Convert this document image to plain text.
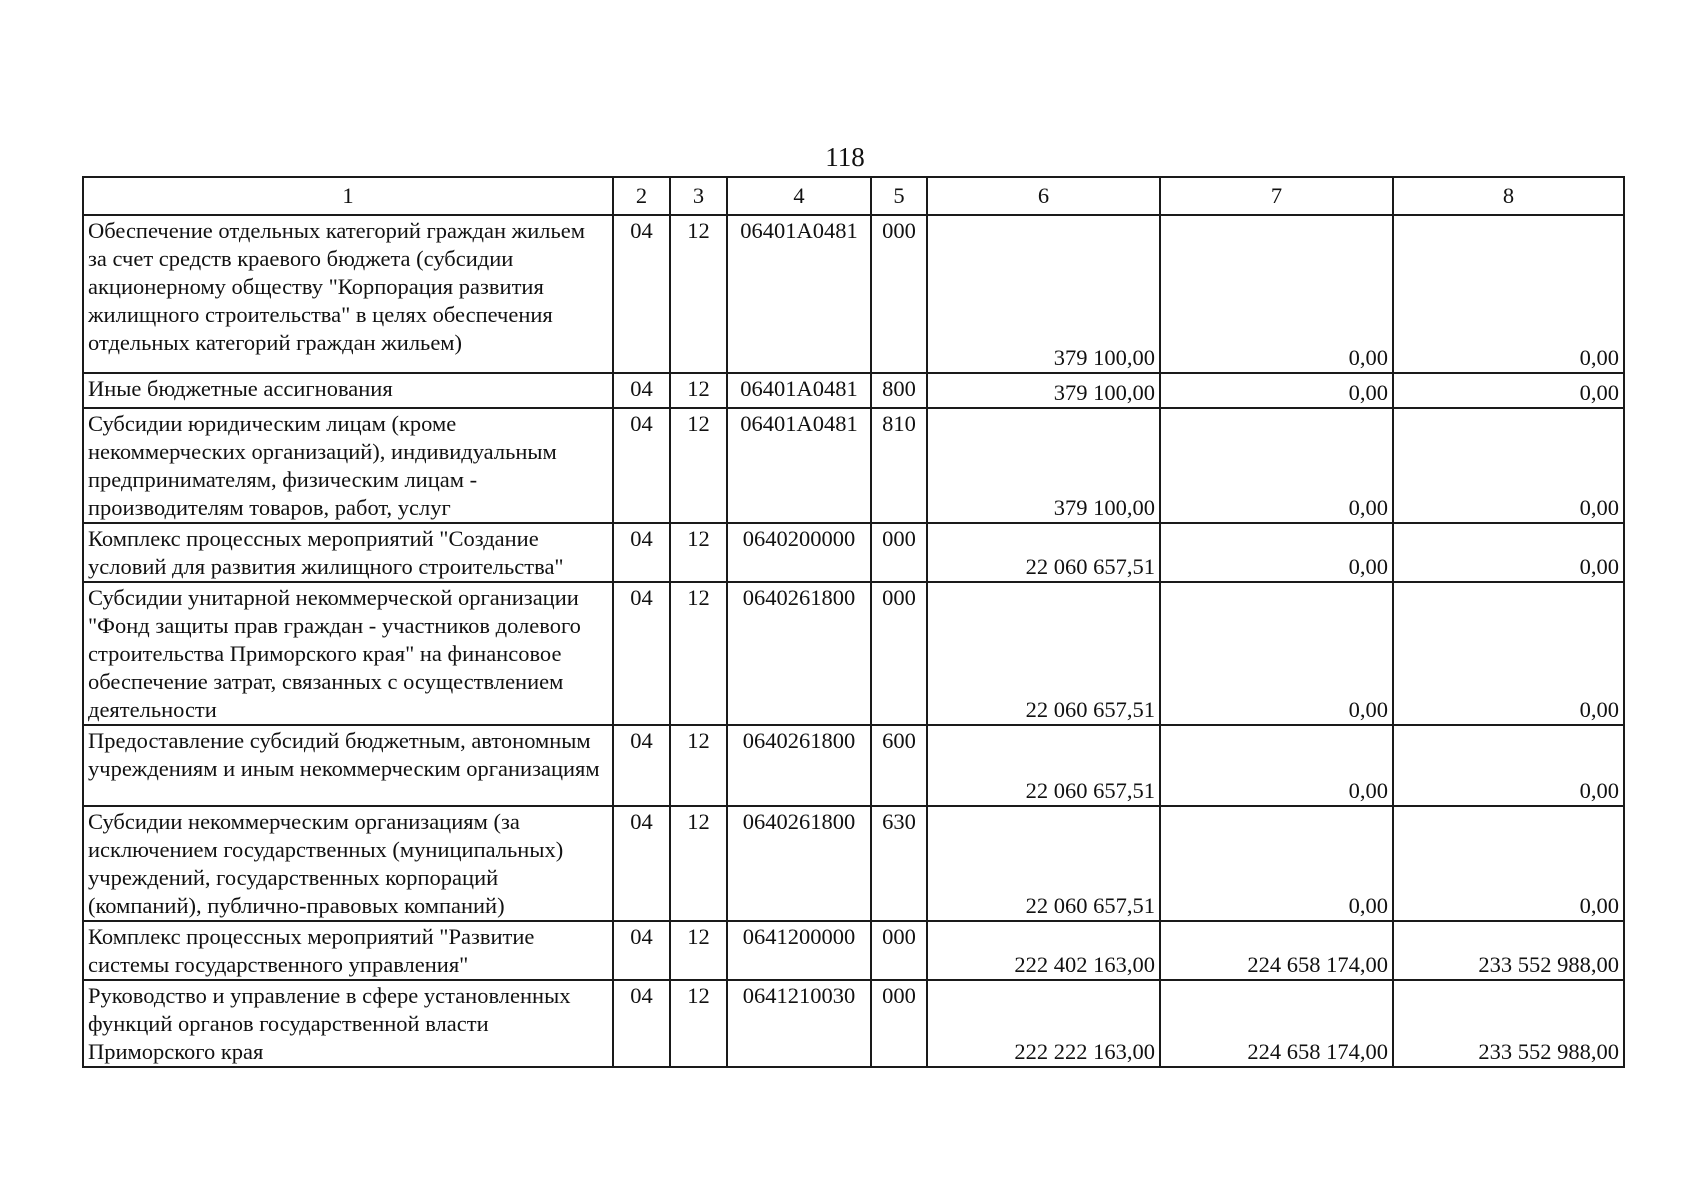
118
1	2	3	4	5	6	7	8
Обеспечение отдельных категорий граждан жильем за счет средств краевого бюджета (субсидии акционерному обществу "Корпорация развития жилищного строительства" в целях обеспечения отдельных категорий граждан жильем)	04	12	06401A0481	000	379 100,00	0,00	0,00
Иные бюджетные ассигнования	04	12	06401A0481	800	379 100,00	0,00	0,00
Субсидии юридическим лицам (кроме некоммерческих организаций), индивидуальным предпринимателям, физическим лицам - производителям товаров, работ, услуг	04	12	06401A0481	810	379 100,00	0,00	0,00
Комплекс процессных мероприятий "Создание условий для развития жилищного строительства"	04	12	0640200000	000	22 060 657,51	0,00	0,00
Субсидии унитарной некоммерческой организации "Фонд защиты прав граждан - участников долевого строительства Приморского края" на финансовое обеспечение затрат, связанных с осуществлением деятельности	04	12	0640261800	000	22 060 657,51	0,00	0,00
Предоставление субсидий бюджетным, автономным учреждениям и иным некоммерческим организациям	04	12	0640261800	600	22 060 657,51	0,00	0,00
Субсидии некоммерческим организациям (за исключением государственных (муниципальных) учреждений, государственных корпораций (компаний), публично-правовых компаний)	04	12	0640261800	630	22 060 657,51	0,00	0,00
Комплекс процессных мероприятий "Развитие системы государственного управления"	04	12	0641200000	000	222 402 163,00	224 658 174,00	233 552 988,00
Руководство и управление в сфере установленных функций органов государственной власти Приморского края	04	12	0641210030	000	222 222 163,00	224 658 174,00	233 552 988,00
